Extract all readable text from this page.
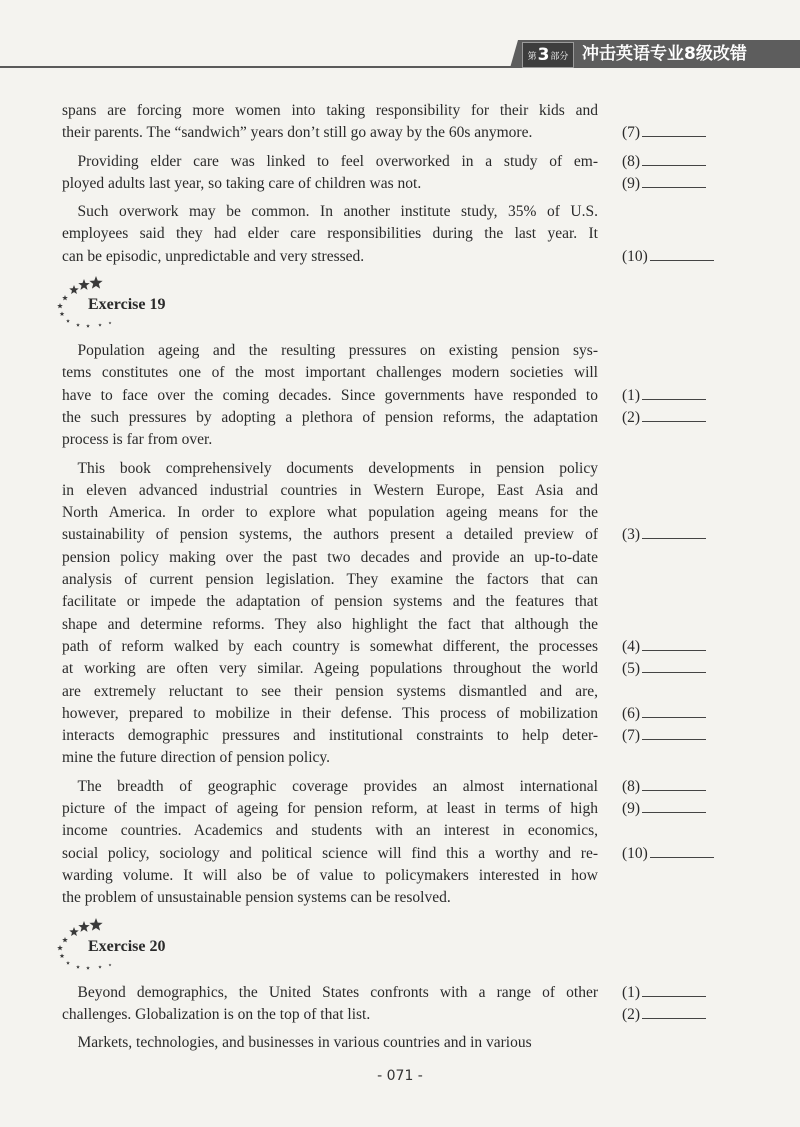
第 3 部分 冲击英语专业8级改错
spans are forcing more women into taking responsibility for their kids and
their parents. The “sandwich” years don’t still go away by the 60s anymore.	(7)
 Providing elder care was linked to feel overworked in a study of em- (8)
ployed adults last year, so taking care of children was not.	(9)
 Such overwork may be common. In another institute study, 35% of U.S.
employees said they had elder care responsibilities during the last year. It
can be episodic, unpredictable and very stressed.	(10)
Exercise 19
 Population ageing and the resulting pressures on existing pension sys-
tems constitutes one of the most important challenges modern societies will
have to face over the coming decades. Since governments have responded to (1)
the such pressures by adopting a plethora of pension reforms, the adaptation (2)
process is far from over.
 This book comprehensively documents developments in pension policy
in eleven advanced industrial countries in Western Europe, East Asia and
North America. In order to explore what population ageing means for the
sustainability of pension systems, the authors present a detailed preview of (3)
pension policy making over the past two decades and provide an up-to-date
analysis of current pension legislation. They examine the factors that can
facilitate or impede the adaptation of pension systems and the features that
shape and determine reforms. They also highlight the fact that although the
path of reform walked by each country is somewhat different, the processes (4)
at working are often very similar. Ageing populations throughout the world (5)
are extremely reluctant to see their pension systems dismantled and are,
however, prepared to mobilize in their defense. This process of mobilization (6)
interacts demographic pressures and institutional constraints to help deter- (7)
mine the future direction of pension policy.
 The breadth of geographic coverage provides an almost international (8)
picture of the impact of ageing for pension reform, at least in terms of high (9)
income countries. Academics and students with an interest in economics,
social policy, sociology and political science will find this a worthy and re- (10)
warding volume. It will also be of value to policymakers interested in how
the problem of unsustainable pension systems can be resolved.
Exercise 20
 Beyond demographics, the United States confronts with a range of other (1)
challenges. Globalization is on the top of that list.	(2)
 Markets, technologies, and businesses in various countries and in various
- 071 -
